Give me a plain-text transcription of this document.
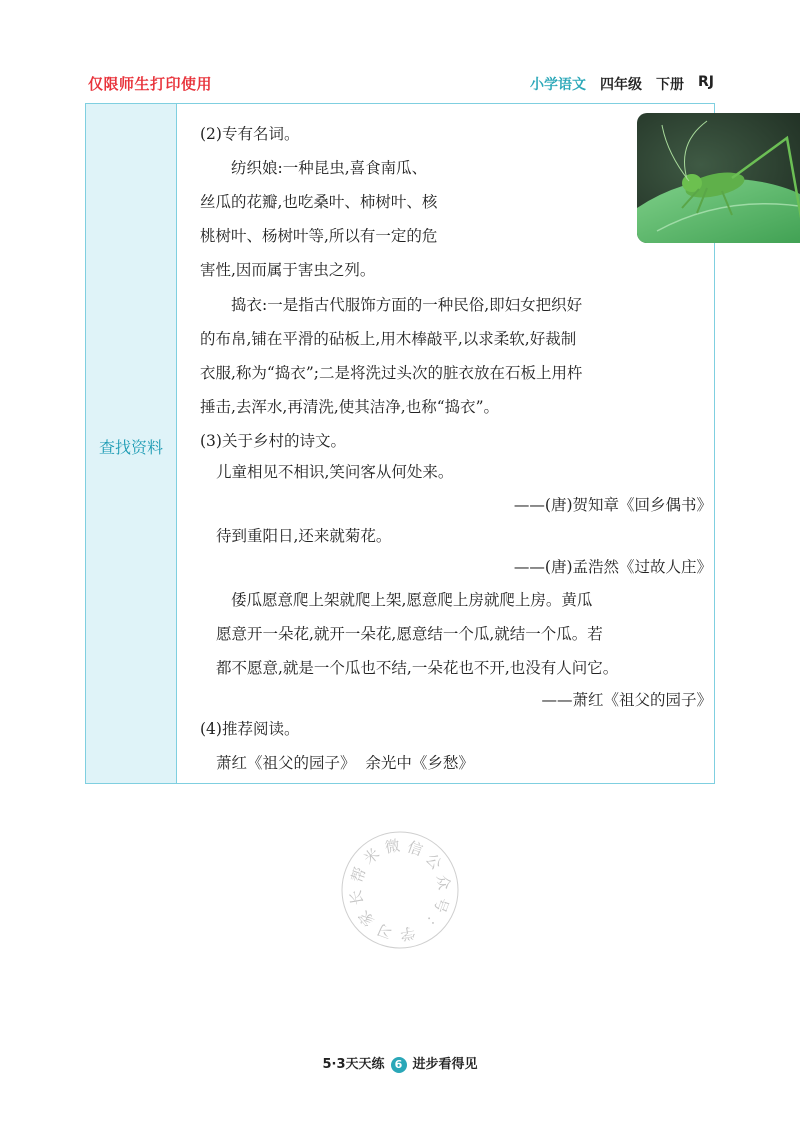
仅限师生打印使用	小学语文 四年级 下册 RJ
查找资料
(2)专有名词。
纺织娘:一种昆虫,喜食南瓜、
丝瓜的花瓣,也吃桑叶、柿树叶、核
桃树叶、杨树叶等,所以有一定的危
害性,因而属于害虫之列。
捣衣:一是指古代服饰方面的一种民俗,即妇女把织好
的布帛,铺在平滑的砧板上,用木棒敲平,以求柔软,好裁制
衣服,称为“捣衣”;二是将洗过头次的脏衣放在石板上用杵
捶击,去浑水,再清洗,使其洁净,也称“捣衣”。
(3)关于乡村的诗文。
儿童相见不相识,笑问客从何处来。
——(唐)贺知章《回乡偶书》
待到重阳日,还来就菊花。
——(唐)孟浩然《过故人庄》
倭瓜愿意爬上架就爬上架,愿意爬上房就爬上房。黄瓜
愿意开一朵花,就开一朵花,愿意结一个瓜,就结一个瓜。若
都不愿意,就是一个瓜也不结,一朵花也不开,也没有人问它。
——萧红《祖父的园子》
(4)推荐阅读。
萧红《祖父的园子》  余光中《乡愁》
微 信
公
众
号
：
学
习
家
长
帮
米
5·3天天练 6 进步看得见
